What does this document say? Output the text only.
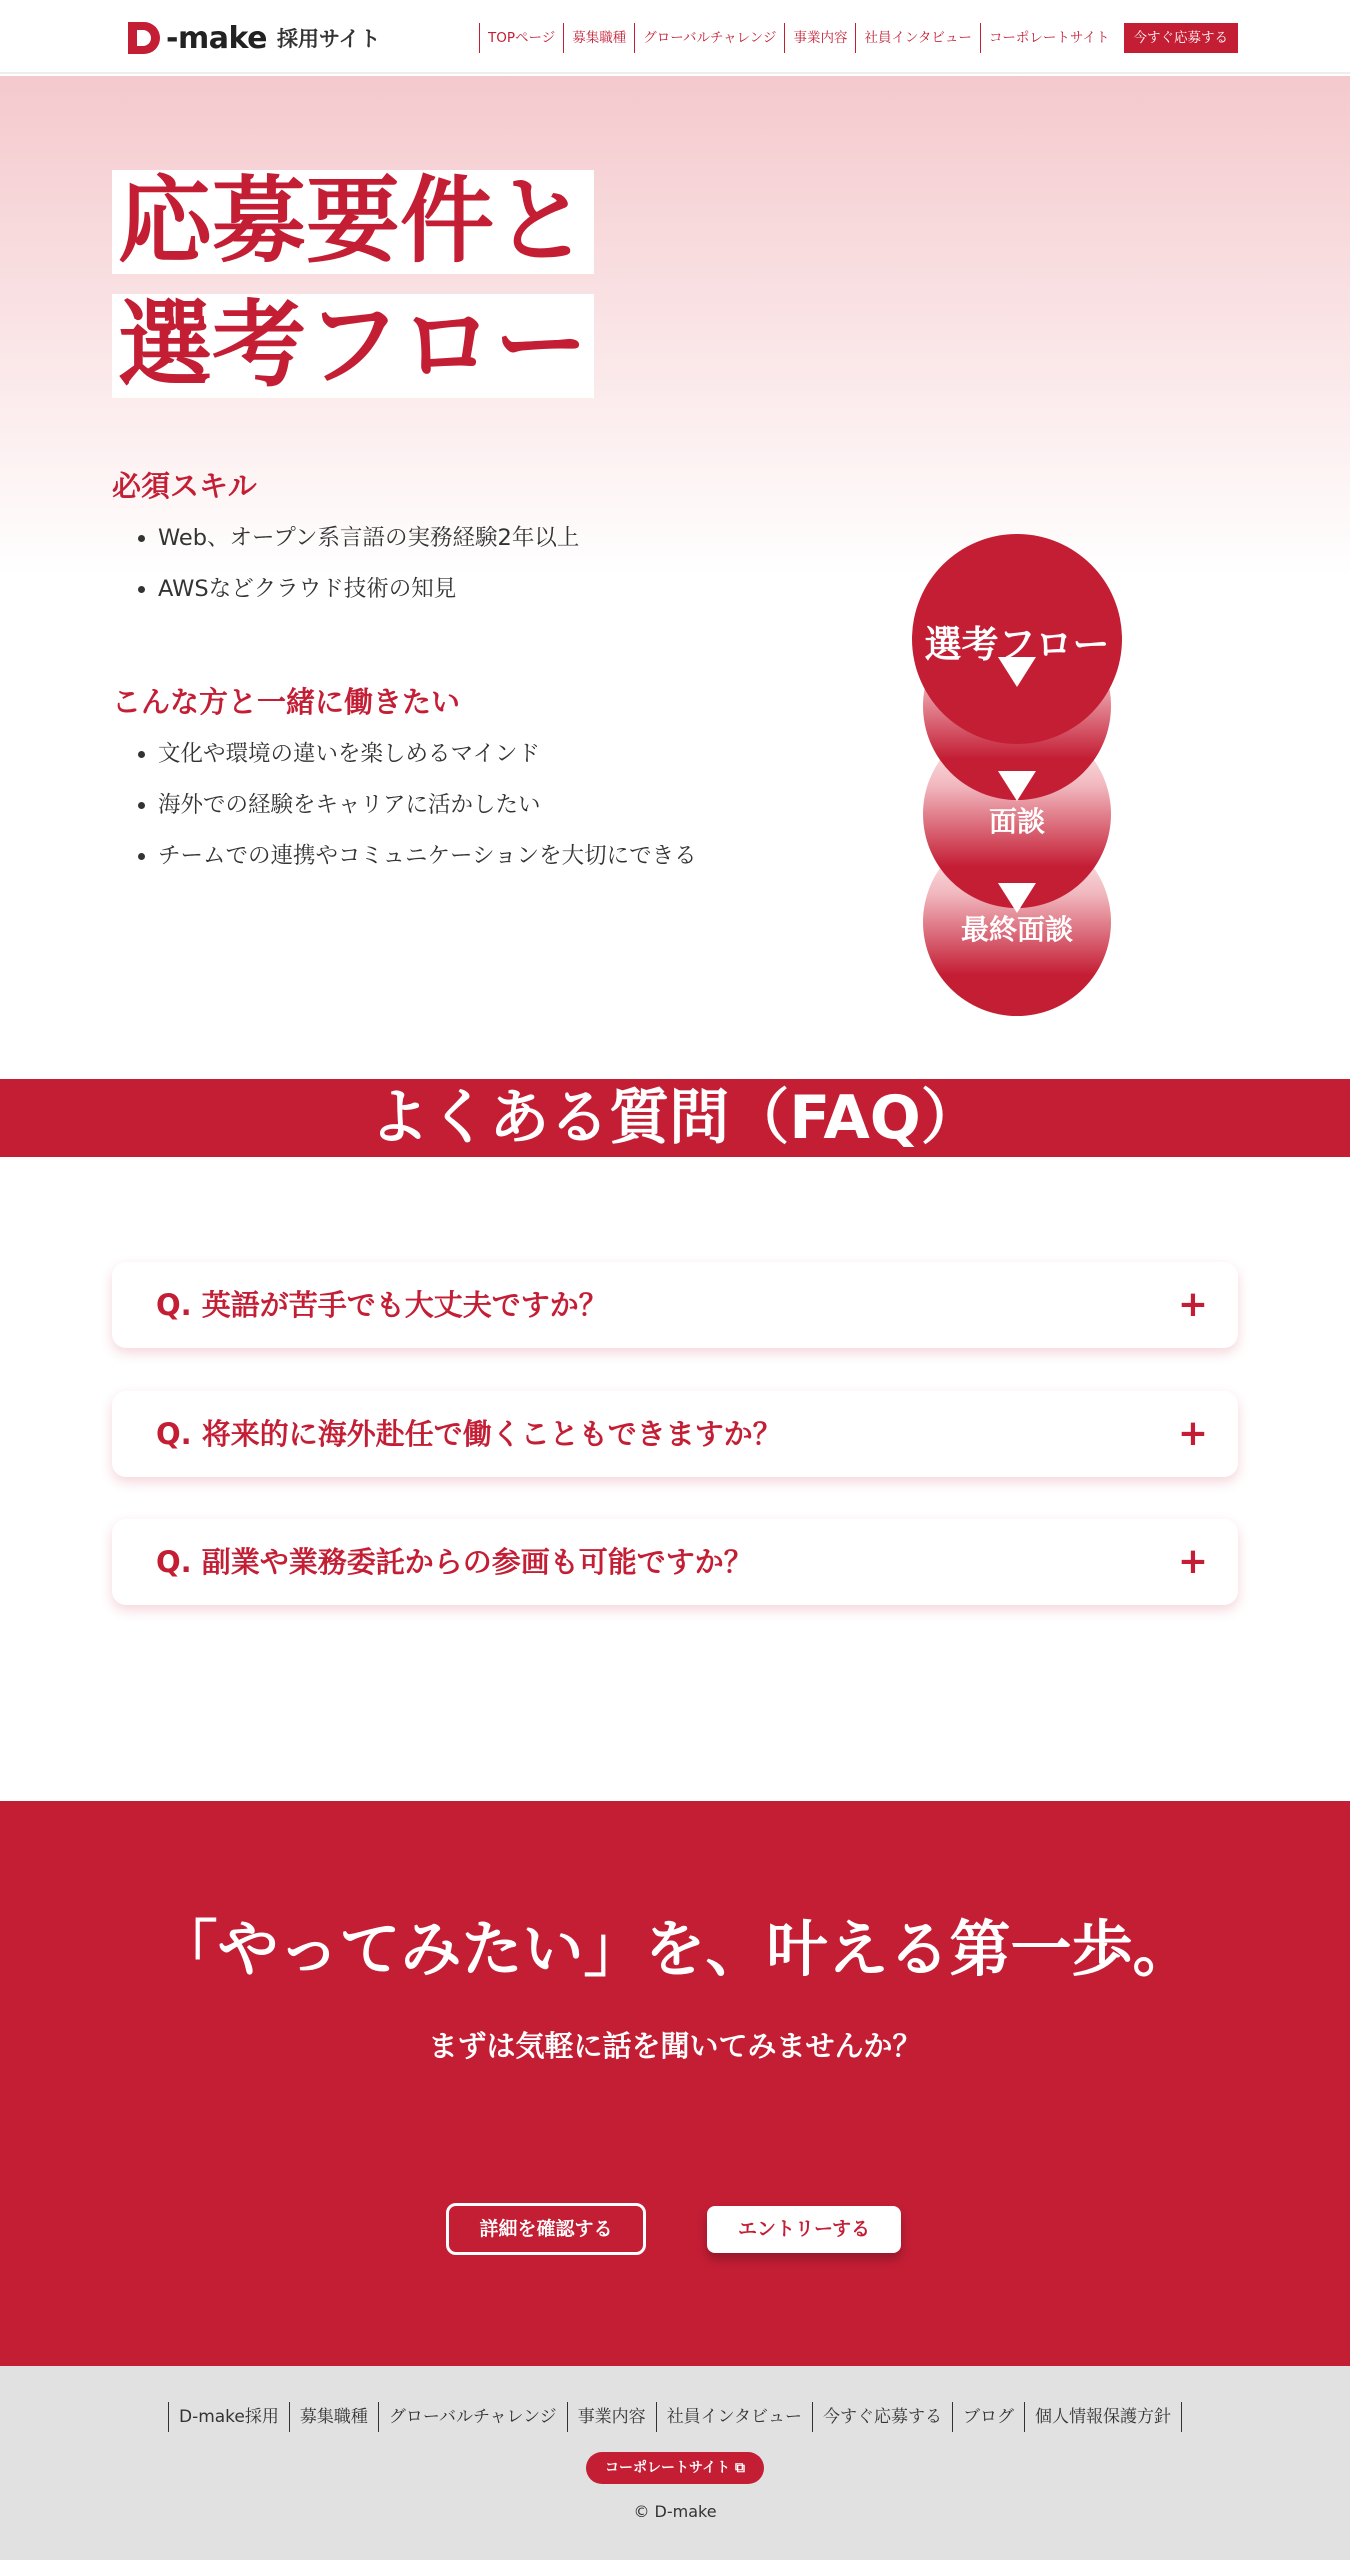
-make 採用サイト	TOPページ	募集職種	グローバルチャレンジ	事業内容	社員インタビュー	コーポレートサイト	今すぐ応募する
応募要件と
選考フロー
必須スキル
Web、オープン系言語の実務経験2年以上
AWSなどクラウド技術の知見
こんな方と一緒に働きたい
文化や環境の違いを楽しめるマインド
海外での経験をキャリアに活かしたい
チームでの連携やコミュニケーションを大切にできる
最終面談
面談
選考フロー
よくある質問（FAQ）
Q. 英語が苦手でも大丈夫ですか？	+
Q. 将来的に海外赴任で働くこともできますか？	+
Q. 副業や業務委託からの参画も可能ですか？	+
「やってみたい」を、叶える第一歩。
まずは気軽に話を聞いてみませんか？
詳細を確認する	エントリーする
D-make採用	募集職種	グローバルチャレンジ	事業内容	社員インタビュー	今すぐ応募する	ブログ	個人情報保護方針
コーポレートサイト ⧉
© D-make
